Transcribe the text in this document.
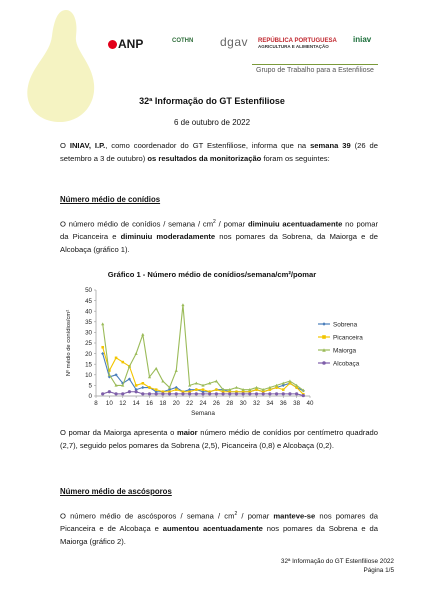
ANP	COTHN dgav REPÚBLICA PORTUGUESA
AGRICULTURA E ALIMENTAÇÃO
iniav
Grupo de Trabalho para a Estenfiliose
32ª Informação do GT Estenfiliose
6 de outubro de 2022
O INIAV, I.P., como coordenador do GT Estenfiliose, informa que na semana 39 (26 de setembro a 3 de outubro) os resultados da monitorização foram os seguintes:
Número médio de conídios
O número médio de conídios / semana / $cm^2$ / pomar diminuiu acentuadamente no pomar da Picanceira e diminuiu moderadamente nos pomares da Sobrena, da Maiorga e de Alcobaça (gráfico 1).
Gráfico 1 - Número médio de conídios/semana/cm²/pomar
0
5
10
15
20
25
30
35
40
45
50
8 10 12 14 16 18 20 22 24 26 28 30 32 34 36 38 40
Semana
Nº médio de conídios/cm²	Sobrena
Picanceira
Maiorga
Alcobaça
O pomar da Maiorga apresenta o maior número médio de conídios por centímetro quadrado (2,7), seguido pelos pomares da Sobrena (2,5), Picanceira (0,8) e Alcobaça (0,2).
Número médio de ascósporos
O número médio de ascósporos / semana / $cm^2$ / pomar manteve-se nos pomares da Picanceira e de Alcobaça e aumentou acentuadamente nos pomares da Sobrena e da Maiorga (gráfico 2).
32ª Informação do GT Estenfiliose 2022
Página 1/5
